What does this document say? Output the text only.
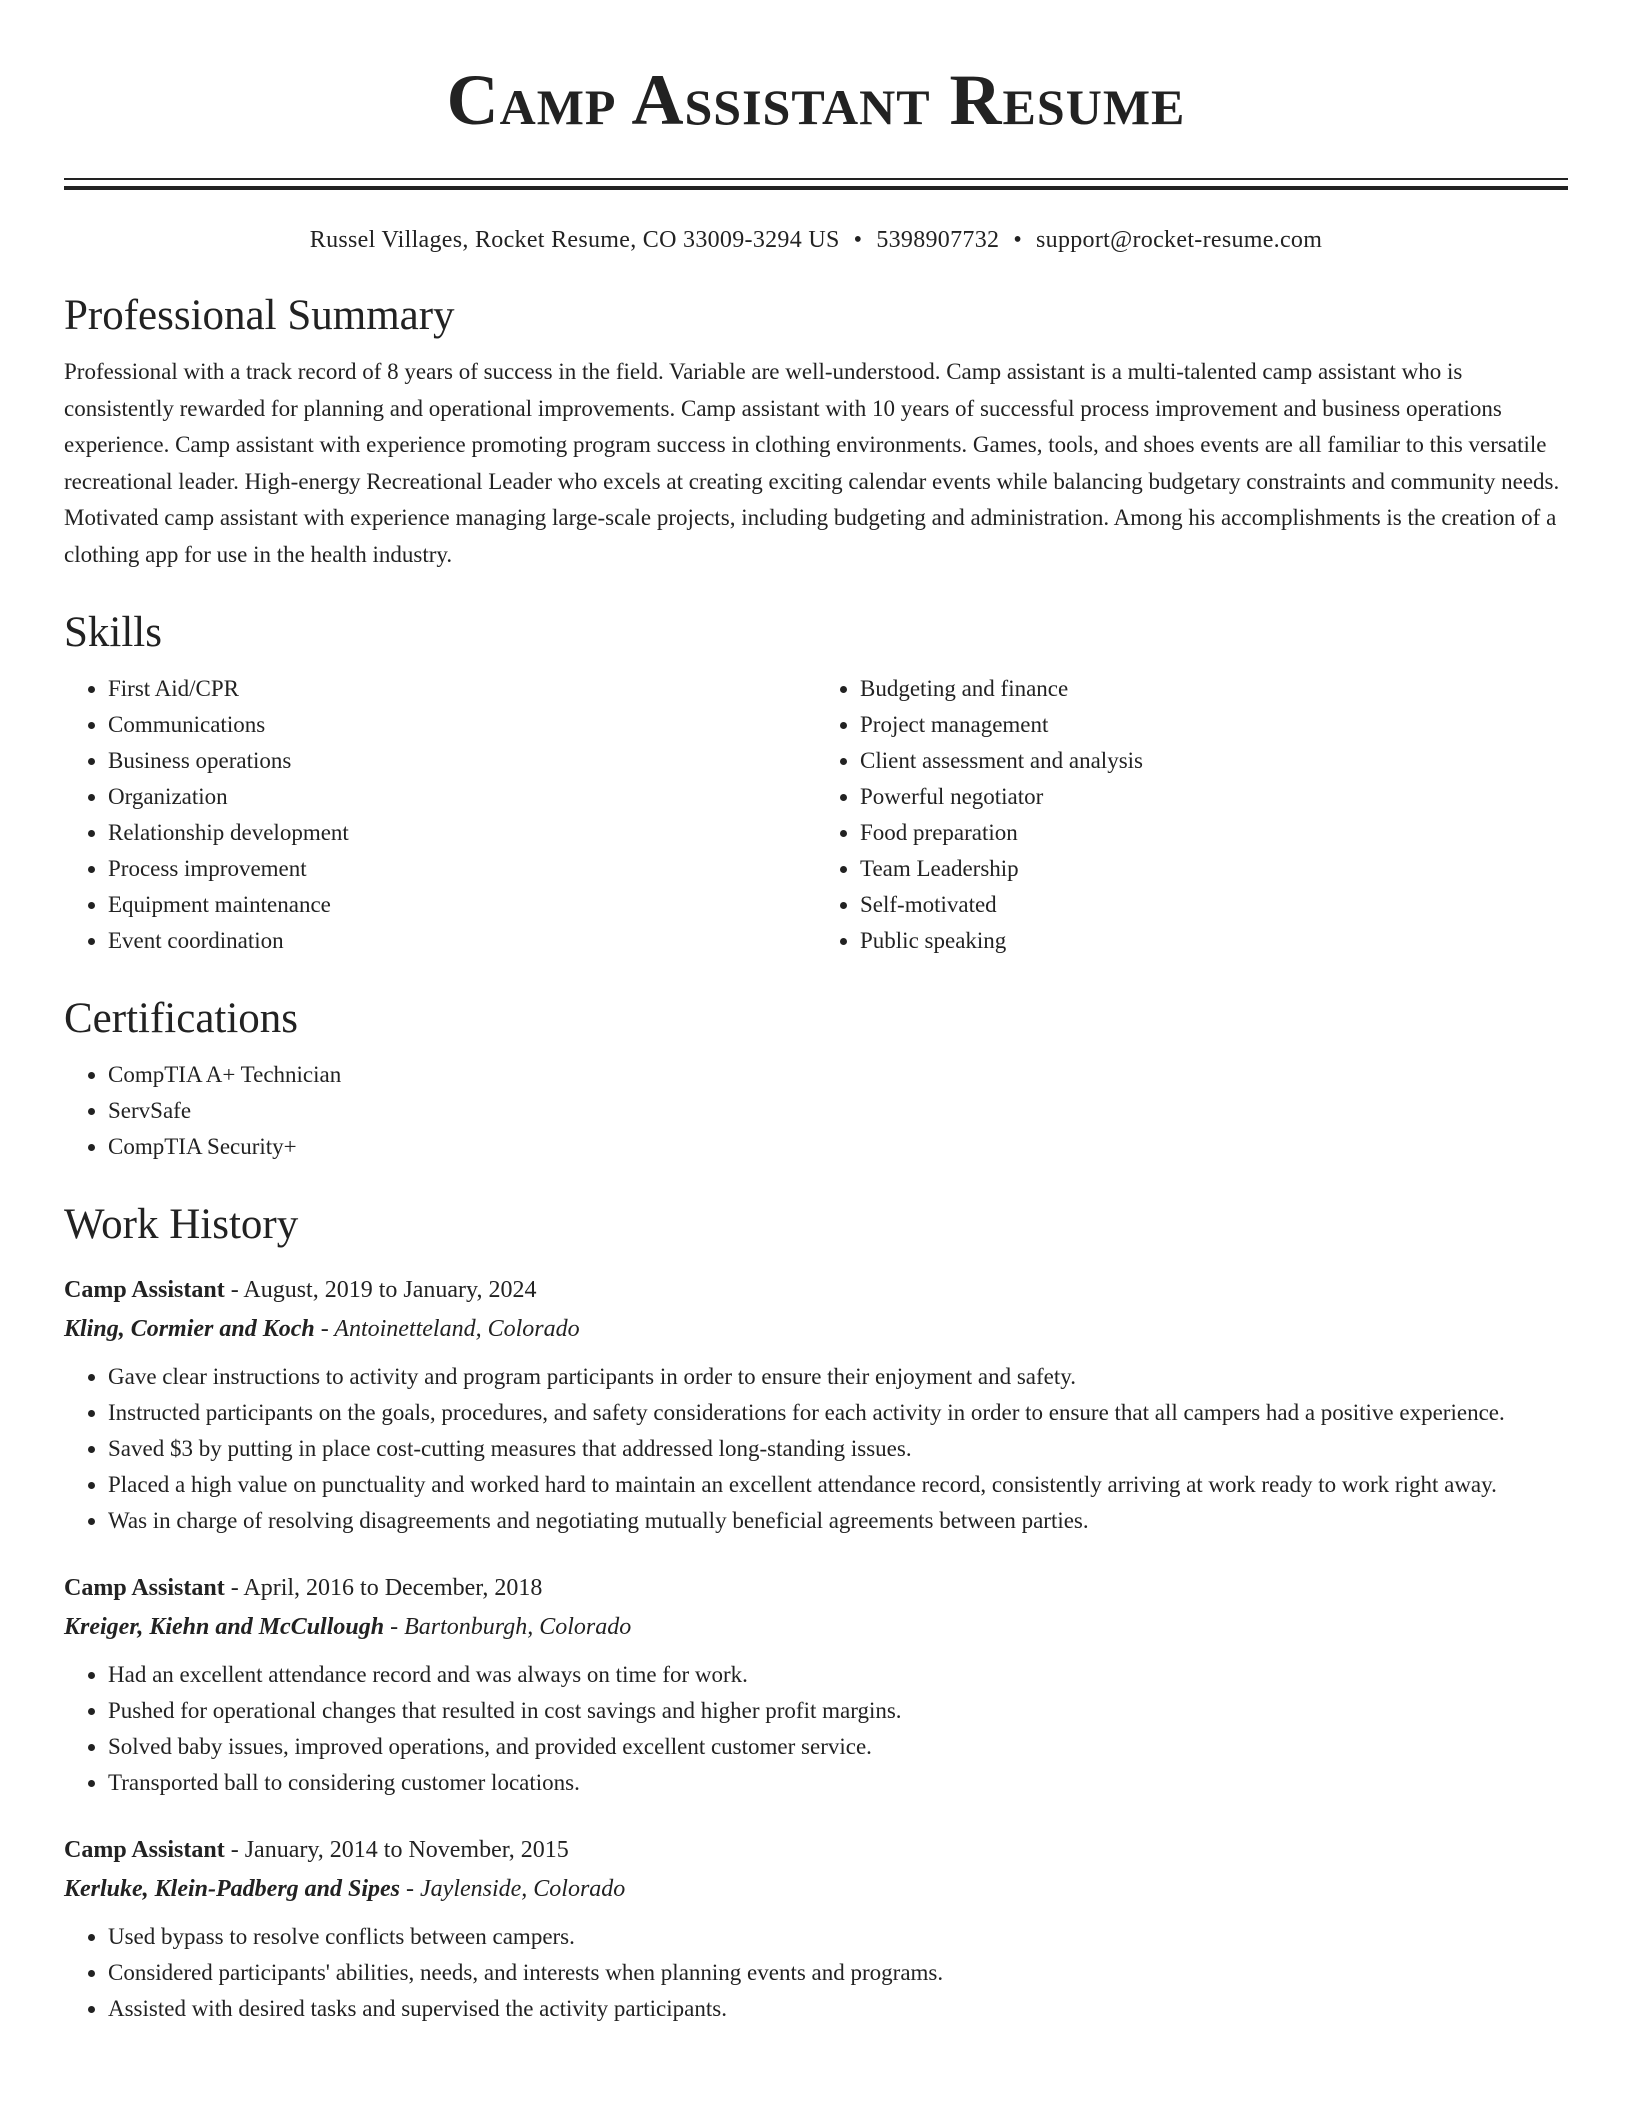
Camp Assistant Resume
Russel Villages, Rocket Resume, CO 33009-3294 US • 5398907732 • support@rocket-resume.com
Professional Summary

Professional with a track record of 8 years of success in the field. Variable are well-understood. Camp assistant is a multi-talented camp assistant who is consistently rewarded for planning and operational improvements. Camp assistant with 10 years of successful process improvement and business operations experience. Camp assistant with experience promoting program success in clothing environments. Games, tools, and shoes events are all familiar to this versatile recreational leader. High-energy Recreational Leader who excels at creating exciting calendar events while balancing budgetary constraints and community needs. Motivated camp assistant with experience managing large-scale projects, including budgeting and administration. Among his accomplishments is the creation of a clothing app for use in the health industry.

Skills
• First Aid/CPR
• Communications
• Business operations
• Organization
• Relationship development
• Process improvement
• Equipment maintenance
• Event coordination
• Budgeting and finance
• Project management
• Client assessment and analysis
• Powerful negotiator
• Food preparation
• Team Leadership
• Self-motivated
• Public speaking
Certifications
• CompTIA A+ Technician
• ServSafe
• CompTIA Security+
Work History
Camp Assistant - August, 2019 to January, 2024
Kling, Cormier and Koch - Antoinetteland, Colorado
• Gave clear instructions to activity and program participants in order to ensure their enjoyment and safety.
• Instructed participants on the goals, procedures, and safety considerations for each activity in order to ensure that all campers had a positive experience.
• Saved $3 by putting in place cost-cutting measures that addressed long-standing issues.
• Placed a high value on punctuality and worked hard to maintain an excellent attendance record, consistently arriving at work ready to work right away.
• Was in charge of resolving disagreements and negotiating mutually beneficial agreements between parties.
Camp Assistant - April, 2016 to December, 2018
Kreiger, Kiehn and McCullough - Bartonburgh, Colorado
• Had an excellent attendance record and was always on time for work.
• Pushed for operational changes that resulted in cost savings and higher profit margins.
• Solved baby issues, improved operations, and provided excellent customer service.
• Transported ball to considering customer locations.
Camp Assistant - January, 2014 to November, 2015
Kerluke, Klein-Padberg and Sipes - Jaylenside, Colorado
• Used bypass to resolve conflicts between campers.
• Considered participants' abilities, needs, and interests when planning events and programs.
• Assisted with desired tasks and supervised the activity participants.
